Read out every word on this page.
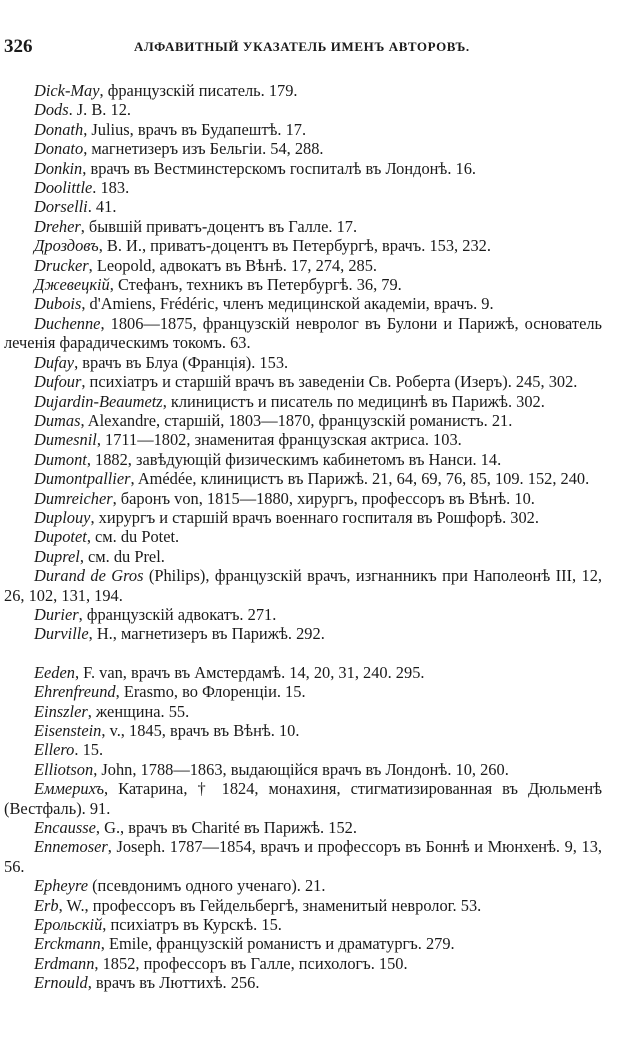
326	АЛФАВИТНЫЙ УКАЗАТЕЛЬ ИМЕНЪ АВТОРОВЪ.
Dick-May, французскій писатель. 179.
Dods. J. B. 12.
Donath, Julius, врачъ въ Будапештѣ. 17.
Donato, магнетизеръ изъ Бельгіи. 54, 288.
Donkin, врачъ въ Вестминстерскомъ госпиталѣ въ Лондонѣ. 16.
Doolittle. 183.
Dorselli. 41.
Dreher, бывшій приватъ-доцентъ въ Галле. 17.
Дроздовъ, В. И., приватъ-доцентъ въ Петербургѣ, врачъ. 153, 232.
Drucker, Leopold, адвокатъ въ Вѣнѣ. 17, 274, 285.
Джевецкій, Стефанъ, техникъ въ Петербургѣ. 36, 79.
Dubois, d'Amiens, Frédéric, членъ медицинской академіи, врачъ. 9.
Duchenne, 1806—1875, французскій невролог въ Булони и Парижѣ, основатель леченія фарадическимъ токомъ. 63.
Dufay, врачъ въ Блуа (Франція). 153.
Dufour, психіатръ и старшій врачъ въ заведеніи Св. Роберта (Изеръ). 245, 302.
Dujardin-Beaumetz, клиницистъ и писатель по медицинѣ въ Парижѣ. 302.
Dumas, Alexandre, старшій, 1803—1870, французскій романистъ. 21.
Dumesnil, 1711—1802, знаменитая французская актриса. 103.
Dumont, 1882, завѣдующій физическимъ кабинетомъ въ Нанси. 14.
Dumontpallier, Amédée, клиницистъ въ Парижѣ. 21, 64, 69, 76, 85, 109. 152, 240.
Dumreicher, баронъ von, 1815—1880, хирургъ, профессоръ въ Вѣнѣ. 10.
Duplouy, хирургъ и старшій врачъ военнаго госпиталя въ Рошфорѣ. 302.
Dupotet, см. du Potet.
Duprel, см. du Prel.
Durand de Gros (Philips), французскій врачъ, изгнанникъ при Наполеонѣ III, 12, 26, 102, 131, 194.
Durier, французскій адвокатъ. 271.
Durville, H., магнетизеръ въ Парижѣ. 292.
Eeden, F. van, врачъ въ Амстердамѣ. 14, 20, 31, 240. 295.
Ehrenfreund, Erasmo, во Флоренціи. 15.
Einszler, женщина. 55.
Eisenstein, v., 1845, врачъ въ Вѣнѣ. 10.
Ellero. 15.
Elliotson, John, 1788—1863, выдающійся врачъ въ Лондонѣ. 10, 260.
Еммерихъ, Катарина, † 1824, монахиня, стигматизированная въ Дюльменѣ (Вестфаль). 91.
Encausse, G., врачъ въ Charité въ Парижѣ. 152.
Ennemoser, Joseph. 1787—1854, врачъ и профессоръ въ Боннѣ и Мюнхенѣ. 9, 13, 56.
Epheyre (псевдонимъ одного ученаго). 21.
Erb, W., профессоръ въ Гейдельбергѣ, знаменитый невролог. 53.
Ерольскій, психіатръ въ Курскѣ. 15.
Erckmann, Emile, французскій романистъ и драматургъ. 279.
Erdmann, 1852, профессоръ въ Галле, психологъ. 150.
Ernould, врачъ въ Люттихѣ. 256.
